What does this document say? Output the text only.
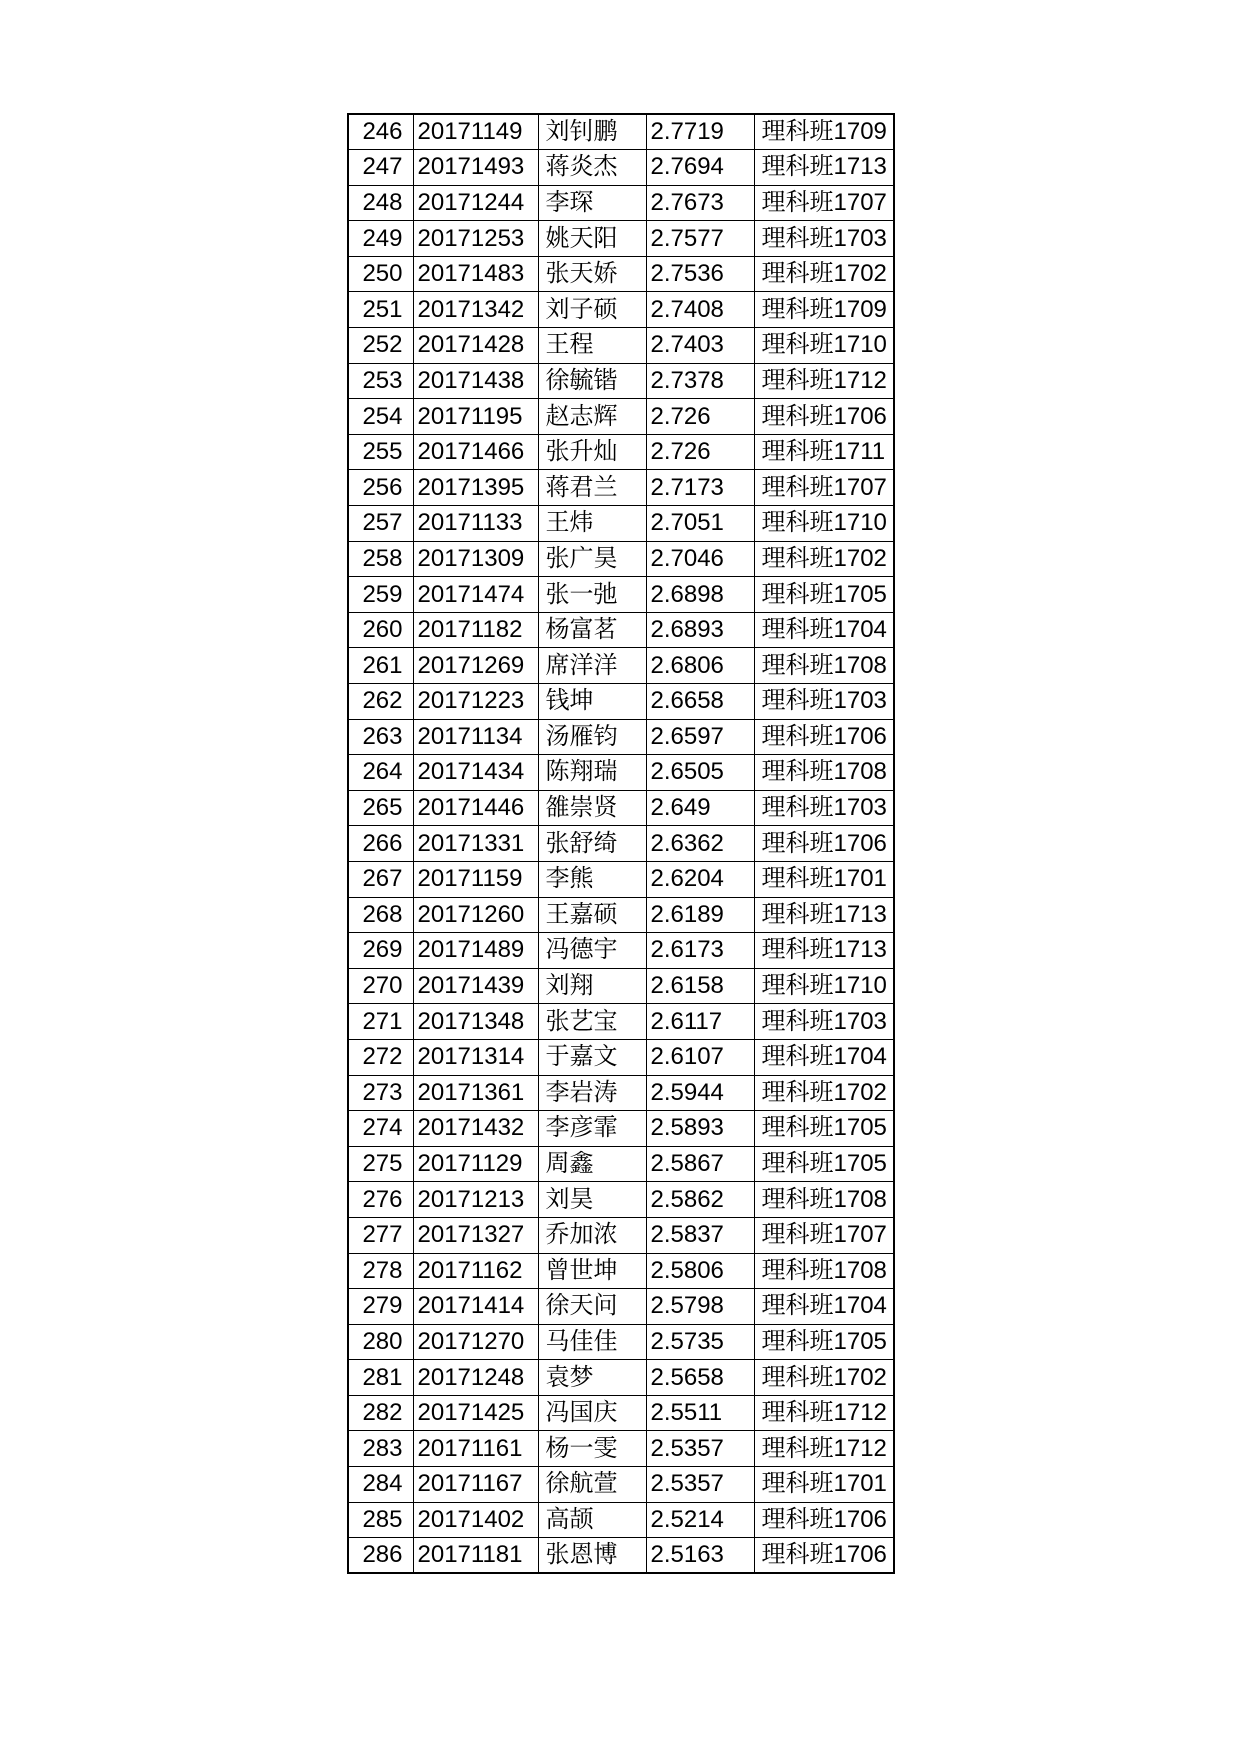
246	20171149	刘钊鹏	2.7719	理科班1709
247	20171493	蒋炎杰	2.7694	理科班1713
248	20171244	李琛	2.7673	理科班1707
249	20171253	姚天阳	2.7577	理科班1703
250	20171483	张天娇	2.7536	理科班1702
251	20171342	刘子硕	2.7408	理科班1709
252	20171428	王程	2.7403	理科班1710
253	20171438	徐毓锴	2.7378	理科班1712
254	20171195	赵志辉	2.726	理科班1706
255	20171466	张升灿	2.726	理科班1711
256	20171395	蒋君兰	2.7173	理科班1707
257	20171133	王炜	2.7051	理科班1710
258	20171309	张广昊	2.7046	理科班1702
259	20171474	张一弛	2.6898	理科班1705
260	20171182	杨富茗	2.6893	理科班1704
261	20171269	席洋洋	2.6806	理科班1708
262	20171223	钱坤	2.6658	理科班1703
263	20171134	汤雁钧	2.6597	理科班1706
264	20171434	陈翔瑞	2.6505	理科班1708
265	20171446	雒崇贤	2.649	理科班1703
266	20171331	张舒绮	2.6362	理科班1706
267	20171159	李熊	2.6204	理科班1701
268	20171260	王嘉硕	2.6189	理科班1713
269	20171489	冯德宇	2.6173	理科班1713
270	20171439	刘翔	2.6158	理科班1710
271	20171348	张艺宝	2.6117	理科班1703
272	20171314	于嘉文	2.6107	理科班1704
273	20171361	李岩涛	2.5944	理科班1702
274	20171432	李彦霏	2.5893	理科班1705
275	20171129	周鑫	2.5867	理科班1705
276	20171213	刘昊	2.5862	理科班1708
277	20171327	乔加浓	2.5837	理科班1707
278	20171162	曾世坤	2.5806	理科班1708
279	20171414	徐天问	2.5798	理科班1704
280	20171270	马佳佳	2.5735	理科班1705
281	20171248	袁梦	2.5658	理科班1702
282	20171425	冯国庆	2.5511	理科班1712
283	20171161	杨一雯	2.5357	理科班1712
284	20171167	徐航萱	2.5357	理科班1701
285	20171402	高颉	2.5214	理科班1706
286	20171181	张恩博	2.5163	理科班1706
